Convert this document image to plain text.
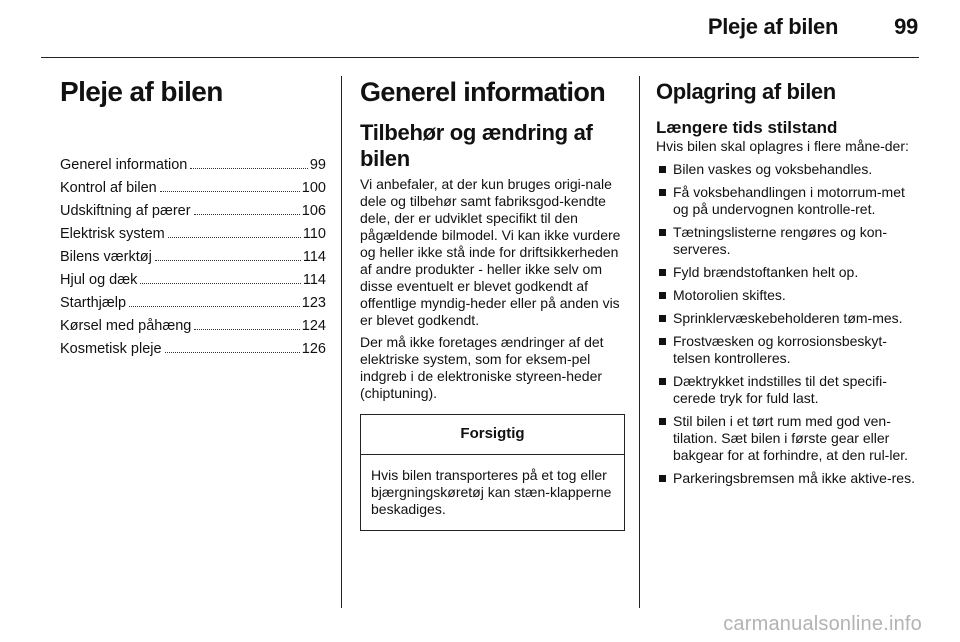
Pleje af bilen	99
Pleje af bilen
Generel information	99
Kontrol af bilen	100
Udskiftning af pærer	106
Elektrisk system	110
Bilens værktøj	114
Hjul og dæk	114
Starthjælp	123
Kørsel med påhæng	124
Kosmetisk pleje	126
Generel information
Tilbehør og ændring af bilen

Vi anbefaler, at der kun bruges origi-nale dele og tilbehør samt fabriksgod-kendte dele, der er udviklet specifikt til den pågældende bilmodel. Vi kan ikke vurdere og heller ikke stå inde for driftsikkerheden af andre produkter - heller ikke selv om disse eventuelt er blevet godkendt af offentlige myndig-heder eller på anden vis er blevet godkendt.

Der må ikke foretages ændringer af det elektriske system, som for eksem-pel indgreb i de elektroniske styreen-heder (chiptuning).

Forsigtig

Hvis bilen transporteres på et tog eller bjærgningskøretøj kan stæn-klapperne beskadiges.

Oplagring af bilen
Længere tids stilstand

Hvis bilen skal oplagres i flere måne-der:

Bilen vaskes og voksbehandles.
Få voksbehandlingen i motorrum-met og på undervognen kontrolle-ret.
Tætningslisterne rengøres og kon-serveres.
Fyld brændstoftanken helt op.
Motorolien skiftes.
Sprinklervæskebeholderen tøm-mes.
Frostvæsken og korrosionsbeskyt-telsen kontrolleres.
Dæktrykket indstilles til det specifi-cerede tryk for fuld last.
Stil bilen i et tørt rum med god ven-tilation. Sæt bilen i første gear eller bakgear for at forhindre, at den rul-ler.
Parkeringsbremsen må ikke aktive-res.
carmanualsonline.info
